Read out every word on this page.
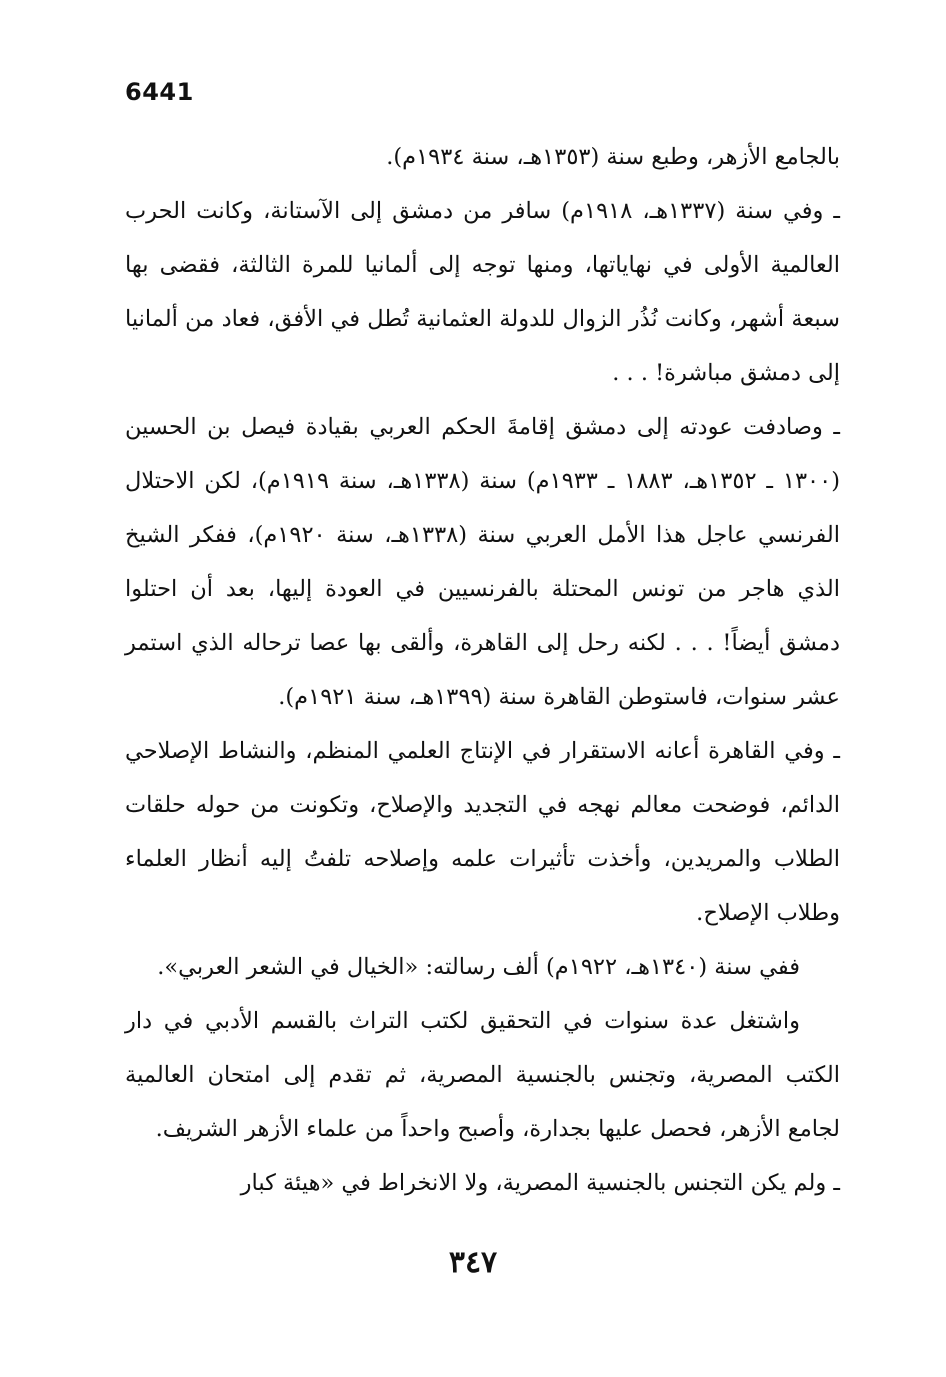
6441

بالجامع الأزهر، وطبع سنة (١٣٥٣هـ، سنة ١٩٣٤م).

ـ وفي سنة (١٣٣٧هـ، ١٩١٨م) سافر من دمشق إلى الآستانة، وكانت الحرب العالمية الأولى في نهاياتها، ومنها توجه إلى ألمانيا للمرة الثالثة، فقضى بها سبعة أشهر، وكانت نُذُر الزوال للدولة العثمانية تُطل في الأفق، فعاد من ألمانيا إلى دمشق مباشرة! . . .

ـ وصادفت عودته إلى دمشق إقامةَ الحكم العربي بقيادة فيصل بن الحسين (١٣٠٠ ـ ١٣٥٢هـ، ١٨٨٣ ـ ١٩٣٣م) سنة (١٣٣٨هـ، سنة ١٩١٩م)، لكن الاحتلال الفرنسي عاجل هذا الأمل العربي سنة (١٣٣٨هـ، سنة ١٩٢٠م)، ففكر الشيخ الذي هاجر من تونس المحتلة بالفرنسيين في العودة إليها، بعد أن احتلوا دمشق أيضاً! . . . لكنه رحل إلى القاهرة، وألقى بها عصا ترحاله الذي استمر عشر سنوات، فاستوطن القاهرة سنة (١٣٩٩هـ، سنة ١٩٢١م).

ـ وفي القاهرة أعانه الاستقرار في الإنتاج العلمي المنظم، والنشاط الإصلاحي الدائم، فوضحت معالم نهجه في التجديد والإصلاح، وتكونت من حوله حلقات الطلاب والمريدين، وأخذت تأثيرات علمه وإصلاحه تلفتُ إليه أنظار العلماء وطلاب الإصلاح.

ففي سنة (١٣٤٠هـ، ١٩٢٢م) ألف رسالته: «الخيال في الشعر العربي».

واشتغل عدة سنوات في التحقيق لكتب التراث بالقسم الأدبي في دار الكتب المصرية، وتجنس بالجنسية المصرية، ثم تقدم إلى امتحان العالمية لجامع الأزهر، فحصل عليها بجدارة، وأصبح واحداً من علماء الأزهر الشريف.

ـ ولم يكن التجنس بالجنسية المصرية، ولا الانخراط في «هيئة كبار

٣٤٧
